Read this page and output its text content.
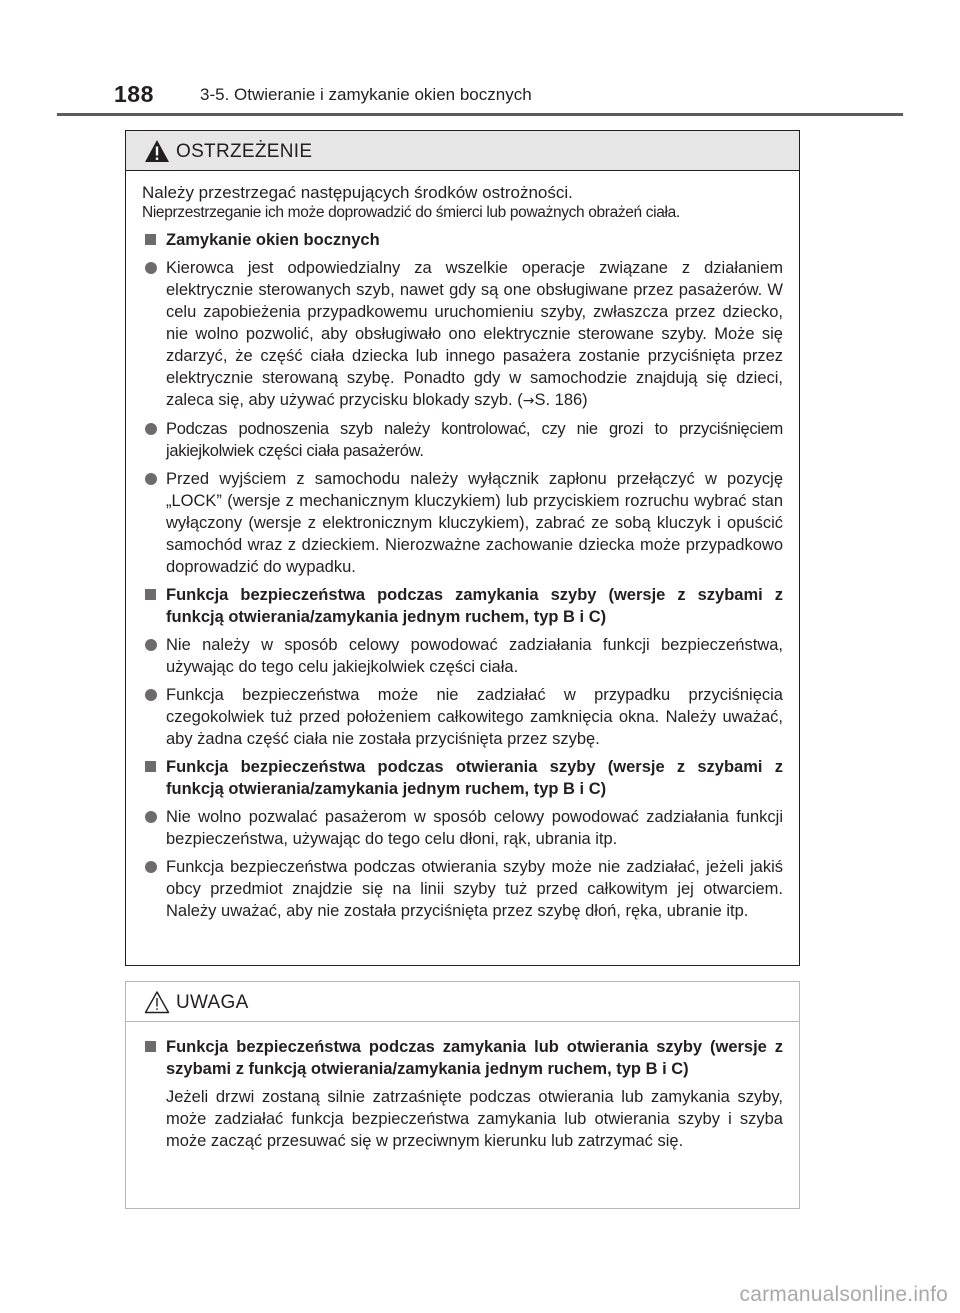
188	3-5. Otwieranie i zamykanie okien bocznych
OSTRZEŻENIE
Należy przestrzegać następujących środków ostrożności.
Nieprzestrzeganie ich może doprowadzić do śmierci lub poważnych obrażeń ciała.
Zamykanie okien bocznych
Kierowca jest odpowiedzialny za wszelkie operacje związane z działaniem elektrycznie sterowanych szyb, nawet gdy są one obsługiwane przez pasażerów. W celu zapobieżenia przypadkowemu uruchomieniu szyby, zwłaszcza przez dziecko, nie wolno pozwolić, aby obsługiwało ono elektrycznie sterowane szyby. Może się zdarzyć, że część ciała dziecka lub innego pasażera zostanie przyciśnięta przez elektrycznie sterowaną szybę. Ponadto gdy w samochodzie znajdują się dzieci, zaleca się, aby używać przycisku blokady szyb. (→S. 186)
Podczas podnoszenia szyb należy kontrolować, czy nie grozi to przyciśnięciem jakiejkolwiek części ciała pasażerów.
Przed wyjściem z samochodu należy wyłącznik zapłonu przełączyć w pozycję „LOCK” (wersje z mechanicznym kluczykiem) lub przyciskiem rozruchu wybrać stan wyłączony (wersje z elektronicznym kluczykiem), zabrać ze sobą kluczyk i opuścić samochód wraz z dzieckiem. Nierozważne zachowanie dziecka może przypadkowo doprowadzić do wypadku.
Funkcja bezpieczeństwa podczas zamykania szyby (wersje z szybami z funkcją otwierania/zamykania jednym ruchem, typ B i C)
Nie należy w sposób celowy powodować zadziałania funkcji bezpieczeństwa, używając do tego celu jakiejkolwiek części ciała.
Funkcja bezpieczeństwa może nie zadziałać w przypadku przyciśnięcia czegokolwiek tuż przed położeniem całkowitego zamknięcia okna. Należy uważać, aby żadna część ciała nie została przyciśnięta przez szybę.
Funkcja bezpieczeństwa podczas otwierania szyby (wersje z szybami z funkcją otwierania/zamykania jednym ruchem, typ B i C)
Nie wolno pozwalać pasażerom w sposób celowy powodować zadziałania funkcji bezpieczeństwa, używając do tego celu dłoni, rąk, ubrania itp.
Funkcja bezpieczeństwa podczas otwierania szyby może nie zadziałać, jeżeli jakiś obcy przedmiot znajdzie się na linii szyby tuż przed całkowitym jej otwarciem. Należy uważać, aby nie została przyciśnięta przez szybę dłoń, ręka, ubranie itp.
UWAGA
Funkcja bezpieczeństwa podczas zamykania lub otwierania szyby (wersje z szybami z funkcją otwierania/zamykania jednym ruchem, typ B i C)
Jeżeli drzwi zostaną silnie zatrzaśnięte podczas otwierania lub zamykania szyby, może zadziałać funkcja bezpieczeństwa zamykania lub otwierania szyby i szyba może zacząć przesuwać się w przeciwnym kierunku lub zatrzymać się.
carmanualsonline.info
